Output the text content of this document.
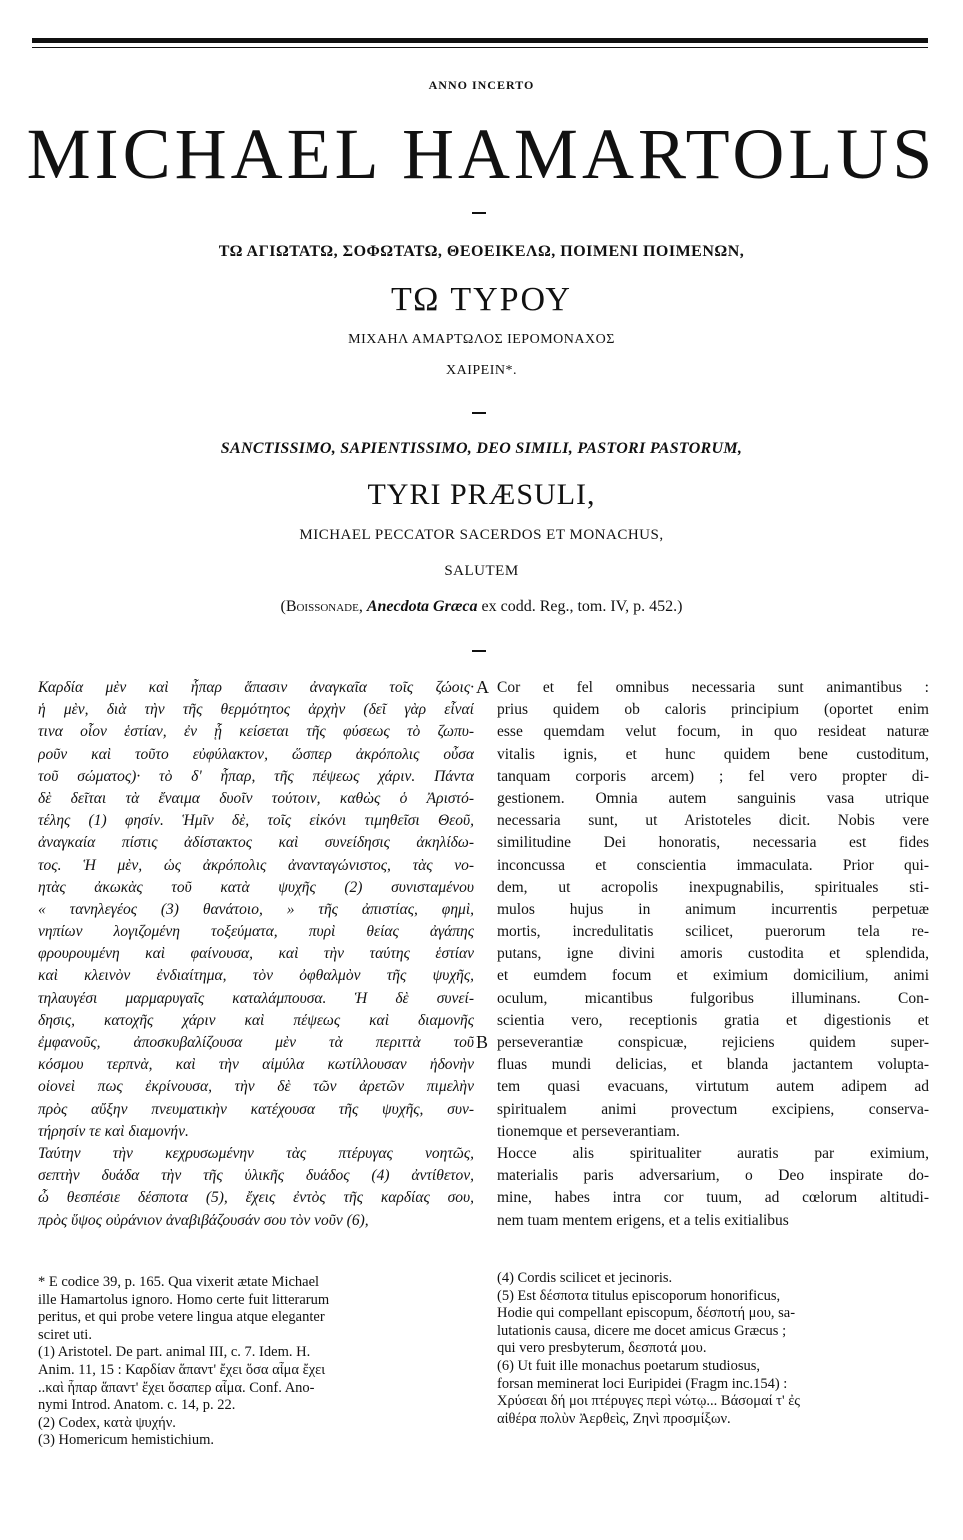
ANNO INCERTO
MICHAEL HAMARTOLUS
ΤΩ ΑΓΙΩΤΑΤΩ, ΣΟΦΩΤΑΤΩ, ΘΕΟΕΙΚΕΛΩ, ΠΟΙΜΕΝΙ ΠΟΙΜΕΝΩΝ,
ΤΩ ΤΥΡΟΥ
ΜΙΧΑΗΛ ΑΜΑΡΤΩΛΟΣ ΙΕΡΟΜΟΝΑΧΟΣ
ΧΑΙΡΕΙΝ*.
SANCTISSIMO, SAPIENTISSIMO, DEO SIMILI, PASTORI PASTORUM,
TYRI PRÆSULI,
MICHAEL PECCATOR SACERDOS ET MONACHUS,
SALUTEM
(Boissonade, Anecdota Græca ex codd. Reg., tom. IV, p. 452.)
Καρδία μὲν καὶ ἧπαρ ἅπασιν ἀναγκαῖα τοῖς ζώοις·
ἡ μὲν, διὰ τὴν τῆς θερμότητος ἀρχὴν (δεῖ γὰρ εἶναί
τινα οἷον ἑστίαν, ἐν ᾗ κείσεται τῆς φύσεως τὸ ζωπυ-
ροῦν καὶ τοῦτο εὐφύλακτον, ὥσπερ ἀκρόπολις οὖσα
τοῦ σώματος)· τὸ δ' ἧπαρ, τῆς πέψεως χάριν. Πάντα
δὲ δεῖται τὰ ἔναιμα δυοῖν τούτοιν, καθὼς ὁ Ἀριστό-
τέλης (1) φησίν. Ἡμῖν δὲ, τοῖς εἰκόνι τιμηθεῖσι Θεοῦ,
ἀναγκαία πίστις ἀδίστακτος καὶ συνείδησις ἀκηλίδω-
τος. Ἡ μὲν, ὡς ἀκρόπολις ἀνανταγώνιστος, τὰς νο-
ητὰς ἀκωκὰς τοῦ κατὰ ψυχῆς (2) συνισταμένου
« τανηλεγέος (3) θανάτοιο, » τῆς ἀπιστίας, φημὶ,
νηπίων λογιζομένη τοξεύματα, πυρὶ θείας ἀγάπης
φρουρουμένη καὶ φαίνουσα, καὶ τὴν ταύτης ἑστίαν
καὶ κλεινὸν ἐνδιαίτημα, τὸν ὀφθαλμὸν τῆς ψυχῆς,
τηλαυγέσι μαρμαρυγαῖς καταλάμπουσα. Ἡ δὲ συνεί-
δησις, κατοχῆς χάριν καὶ πέψεως καὶ διαμονῆς
ἐμφανοῦς, ἀποσκυβαλίζουσα μὲν τὰ περιττὰ τοῦ
κόσμου τερπνὰ, καὶ τὴν αἱμύλα κωτίλλουσαν ἡδονὴν
οἱονεὶ πως ἐκρίνουσα, τὴν δὲ τῶν ἀρετῶν πιμελὴν
πρὸς αὔξην πνευματικὴν κατέχουσα τῆς ψυχῆς, συν-
τήρησίν τε καὶ διαμονήν.
Ταύτην τὴν κεχρυσωμένην τὰς πτέρυγας νοητῶς,
σεπτὴν δυάδα τὴν τῆς ὑλικῆς δυάδος (4) ἀντίθετον,
ὦ θεσπέσιε δέσποτα (5), ἔχεις ἐντὸς τῆς καρδίας σου,
πρὸς ὕψος οὐράνιον ἀναβιβάζουσάν σου τὸν νοῦν (6),
Cor et fel omnibus necessaria sunt animantibus :
prius quidem ob caloris principium (oportet enim
esse quemdam velut focum, in quo resideat naturæ
vitalis ignis, et hunc quidem bene custoditum,
tanquam corporis arcem) ; fel vero propter di-
gestionem. Omnia autem sanguinis vasa utrique
necessaria sunt, ut Aristoteles dicit. Nobis vere
similitudine Dei honoratis, necessaria est fides
inconcussa et conscientia immaculata. Prior qui-
dem, ut acropolis inexpugnabilis, spirituales sti-
mulos hujus in animum incurrentis perpetuæ
mortis, incredulitatis scilicet, puerorum tela re-
putans, igne divini amoris custodita et splendida,
et eumdem focum et eximium domicilium, animi
oculum, micantibus fulgoribus illuminans. Con-
scientia vero, receptionis gratia et digestionis et
perseverantiæ conspicuæ, rejiciens quidem super-
fluas mundi delicias, et blanda jactantem volupta-
tem quasi evacuans, virtutum autem adipem ad
spiritualem animi provectum excipiens, conserva-
tionemque et perseverantiam.
Hocce alis spiritualiter auratis par eximium,
materialis paris adversarium, o Deo inspirate do-
mine, habes intra cor tuum, ad cœlorum altitudi-
nem tuam mentem erigens, et a telis exitialibus
A
B
* E codice 39, p. 165. Qua vixerit ætate Michael
ille Hamartolus ignoro. Homo certe fuit litterarum
peritus, et qui probe vetere lingua atque eleganter
sciret uti.
(1) Aristotel. De part. animal III, c. 7. Idem. H.
Anim. 11, 15 : Καρδίαν ἅπαντ' ἔχει ὅσα αἷμα ἔχει
..καὶ ἧπαρ ἅπαντ' ἔχει ὅσαπερ αἷμα. Conf. Ano-
nymi Introd. Anatom. c. 14, p. 22.
(2) Codex, κατὰ ψυχήν.
(3) Homericum hemistichium.
(4) Cordis scilicet et jecinoris.
(5) Est δέσποτα titulus episcoporum honorificus,
Hodie qui compellant episcopum, δέσποτή μου, sa-
lutationis causa, dicere me docet amicus Græcus ;
qui vero presbyterum, δεσποτά μου.
(6) Ut fuit ille monachus poetarum studiosus,
forsan meminerat loci Euripidei (Fragm inc.154) :
Χρύσεαι δή μοι πτέρυγες περὶ νώτῳ... Βάσομαί τ' ἐς
αἰθέρα πολὺν Ἀερθεὶς, Ζηνὶ προσμίξων.
